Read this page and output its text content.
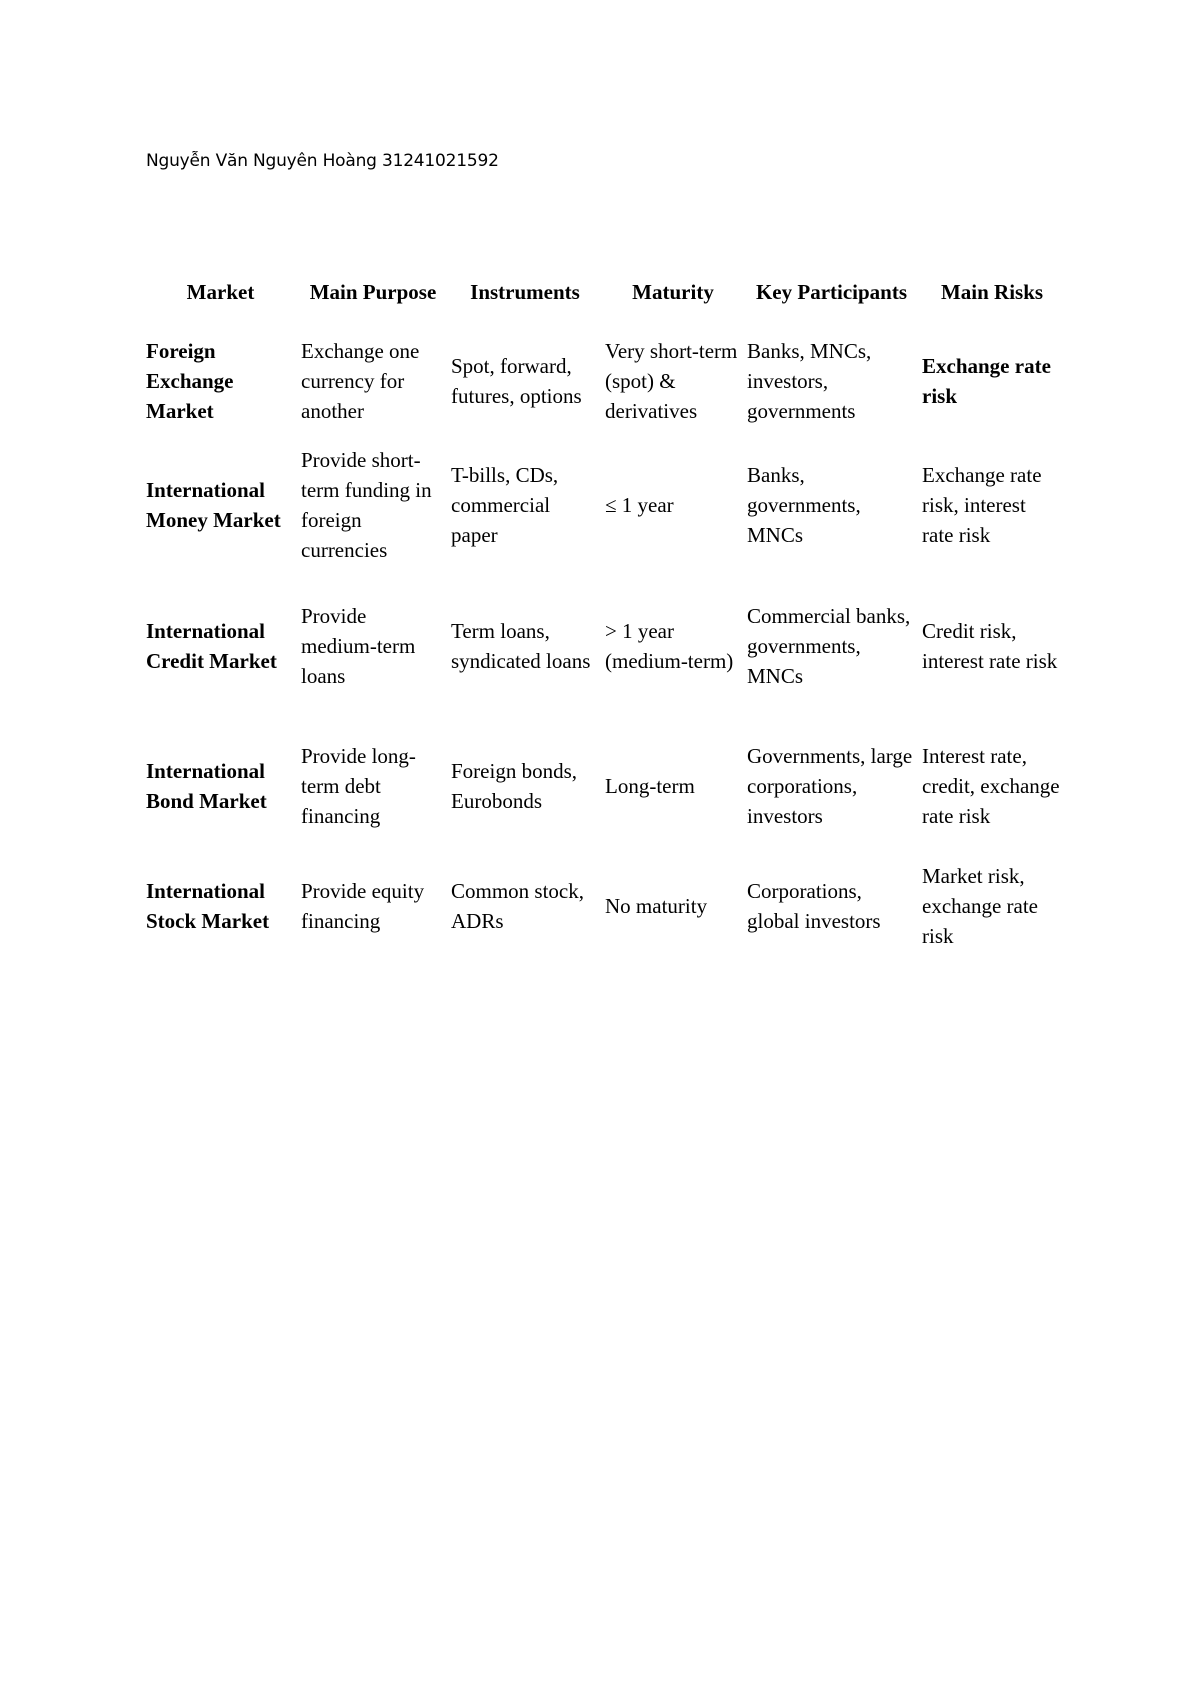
Nguyễn Văn Nguyên Hoàng 31241021592
Market	Main Purpose	Instruments	Maturity	Key Participants	Main Risks
Foreign Exchange Market	Exchange one currency for another	Spot, forward, futures, options	Very short-term (spot) & derivatives	Banks, MNCs, investors, governments	Exchange rate risk
International Money Market	Provide short-term funding in foreign currencies	T-bills, CDs, commercial paper	≤ 1 year	Banks, governments, MNCs	Exchange rate risk, interest rate risk
International Credit Market	Provide medium-term loans	Term loans, syndicated loans	> 1 year (medium-term)	Commercial banks, governments, MNCs	Credit risk, interest rate risk
International Bond Market	Provide long-term debt financing	Foreign bonds, Eurobonds	Long-term	Governments, large corporations, investors	Interest rate, credit, exchange rate risk
International Stock Market	Provide equity financing	Common stock, ADRs	No maturity	Corporations, global investors	Market risk, exchange rate risk
